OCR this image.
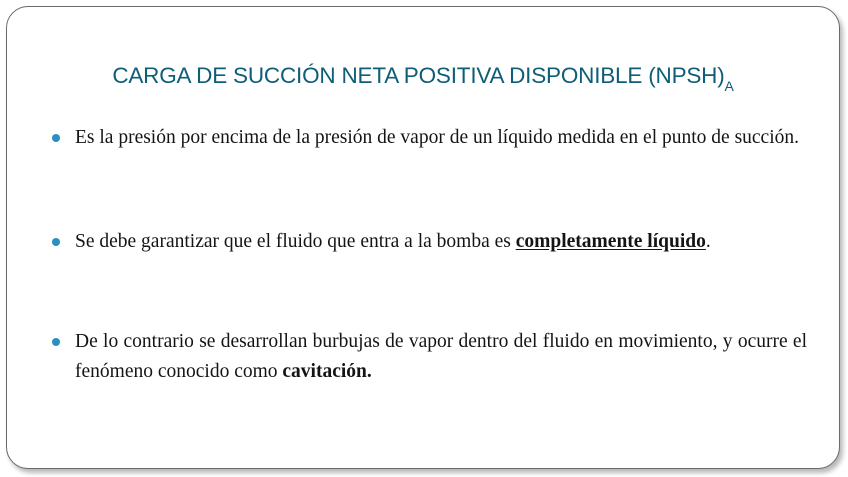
CARGA DE SUCCIÓN NETA POSITIVA DISPONIBLE $(NPSH)_A$
Es la presión por encima de la presión de vapor de un líquido medida en el punto de succión.
Se debe garantizar que el fluido que entra a la bomba es completamente líquido.
De lo contrario se desarrollan burbujas de vapor dentro del fluido en movimiento, y ocurre el fenómeno conocido como cavitación.
